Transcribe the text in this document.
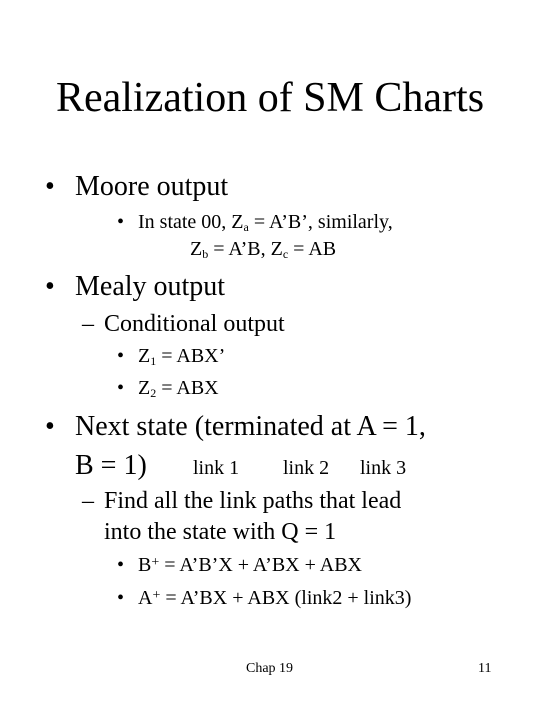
Realization of SM Charts
• Moore output
• In state 00, $Z_a$ = A’B’, similarly,
$Z_b$ = A’B, $Z_c$ = AB
• Mealy output
– Conditional output
• $Z_1$ = ABX’
• $Z_2$ = ABX
• Next state (terminated at A = 1,
B = 1) link 1 link 2 link 3
– Find all the link paths that lead
into the state with Q = 1
• B+ = A’B’X + A’BX + ABX
• A+ = A’BX + ABX (link2 + link3)
Chap 19	11
